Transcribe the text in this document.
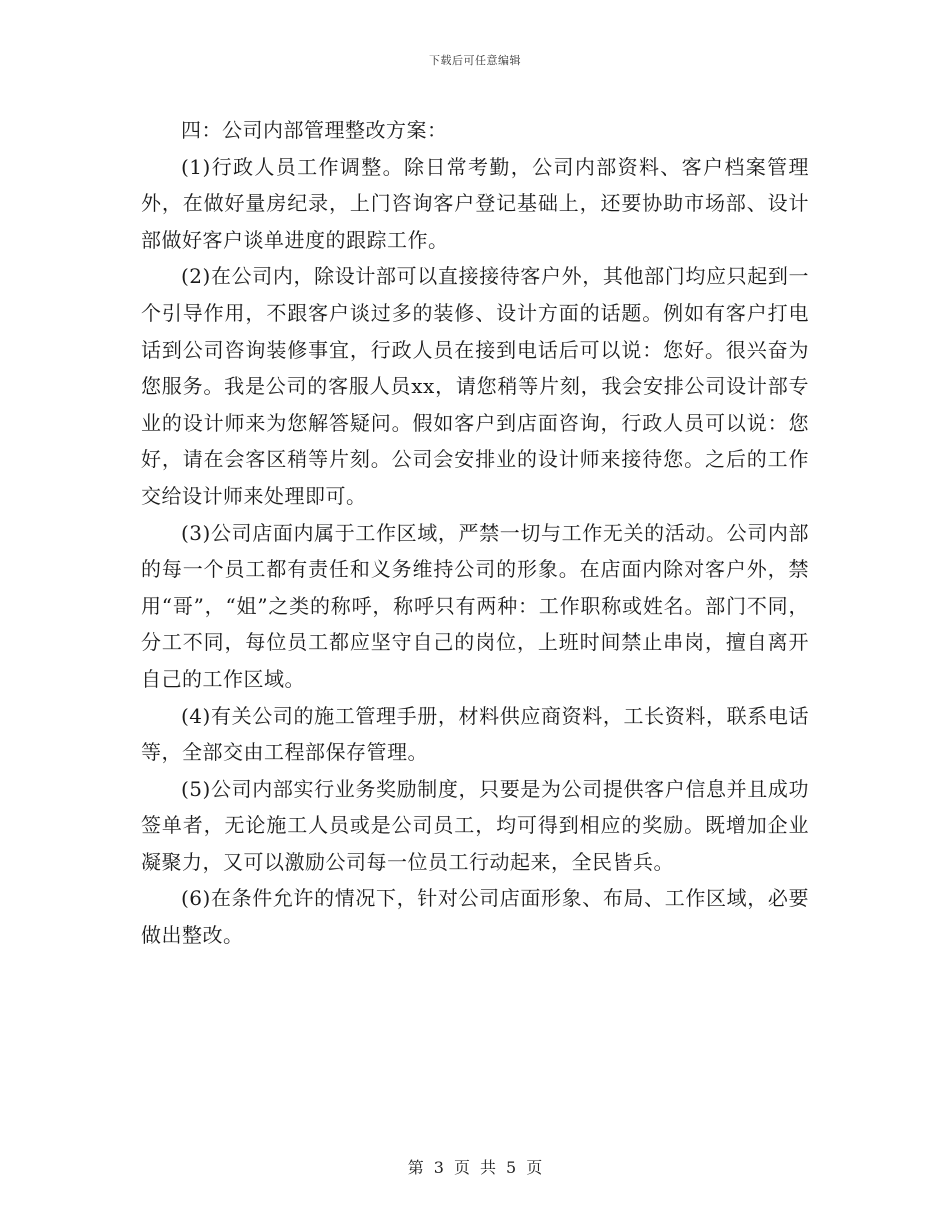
下载后可任意编辑

四：公司内部管理整改方案：

(1)行政人员工作调整。除日常考勤，公司内部资料、客户档案管理外，在做好量房纪录，上门咨询客户登记基础上，还要协助市场部、设计部做好客户谈单进度的跟踪工作。

(2)在公司内，除设计部可以直接接待客户外，其他部门均应只起到一个引导作用，不跟客户谈过多的装修、设计方面的话题。例如有客户打电话到公司咨询装修事宜，行政人员在接到电话后可以说：您好。很兴奋为您服务。我是公司的客服人员xx，请您稍等片刻，我会安排公司设计部专业的设计师来为您解答疑问。假如客户到店面咨询，行政人员可以说：您好，请在会客区稍等片刻。公司会安排业的设计师来接待您。之后的工作交给设计师来处理即可。

(3)公司店面内属于工作区域，严禁一切与工作无关的活动。公司内部的每一个员工都有责任和义务维持公司的形象。在店面内除对客户外，禁用“哥”，“姐”之类的称呼，称呼只有两种：工作职称或姓名。部门不同，分工不同，每位员工都应坚守自己的岗位，上班时间禁止串岗，擅自离开自己的工作区域。

(4)有关公司的施工管理手册，材料供应商资料，工长资料，联系电话等，全部交由工程部保存管理。

(5)公司内部实行业务奖励制度，只要是为公司提供客户信息并且成功签单者，无论施工人员或是公司员工，均可得到相应的奖励。既增加企业凝聚力，又可以激励公司每一位员工行动起来，全民皆兵。

(6)在条件允许的情况下，针对公司店面形象、布局、工作区域，必要做出整改。

第 3 页 共 5 页
